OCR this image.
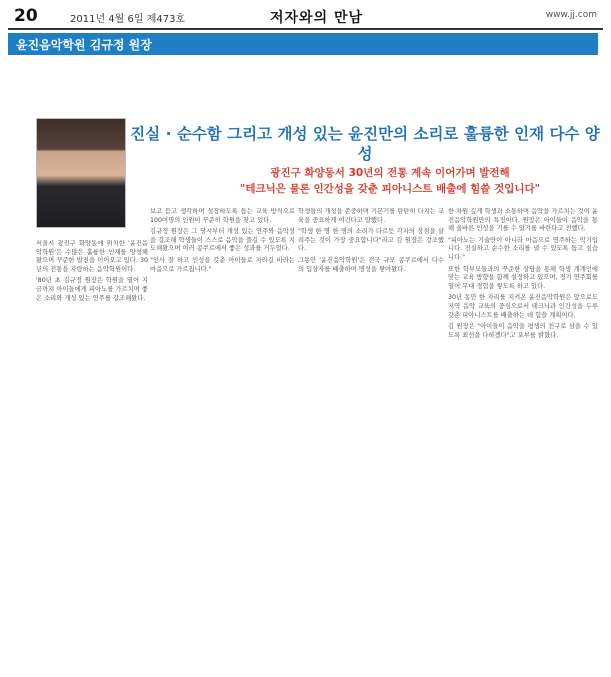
20	2011년 4월 6일 제473호	저자와의 만남	www.jj.com
윤진음악학원 김규정 원장
진실 · 순수함 그리고 개성 있는 윤진만의 소리로 훌륭한 인재 다수 양성
광진구 화양동서 30년의 전통 계속 이어가며 발전해
"테크닉은 물론 인간성을 갖춘 피아니스트 배출에 힘쓸 것입니다"

서울시 광진구 화양동에 위치한 '윤진음악학원'은 수많은 훌륭한 인재를 양성해 왔으며 꾸준한 발전을 이어오고 있다. 30년의 전통을 자랑하는 음악학원이다.

'80년 초 김규정 원장은 학원을 열어 지금까지 아이들에게 피아노를 가르치며 좋은 소리와 개성 있는 연주를 강조해왔다.

보고 듣고 생각하며 성장하도록 돕는 교육 방식으로 100여명의 인원이 꾸준히 학원을 찾고 있다.

김규정 원장은 그 당시부터 개성 있는 연주와 음악성을 강조해 학생들이 스스로 음악을 즐길 수 있도록 지도해왔으며 여러 콩쿠르에서 좋은 성과를 거두었다.

"인사 잘 하고 인성을 갖춘 아이들로 자라길 바라는 마음으로 가르칩니다."

학생들의 개성을 존중하며 기본기를 탄탄히 다지는 교육을 중요하게 여긴다고 말했다.

"학생 한 명 한 명의 소리가 다르듯 각자의 장점을 살려주는 것이 가장 중요합니다"라고 김 원장은 강조했다.

그동안 '윤진음악학원'은 전국 규모 콩쿠르에서 다수의 입상자를 배출하며 명성을 쌓아왔다.

한 차원 깊게 학생과 소통하며 음악을 가르치는 것이 윤진음악학원만의 특징이다. 원장은 아이들이 음악을 통해 올바른 인성을 기를 수 있기를 바란다고 전했다.

"피아노는 기술만이 아니라 마음으로 연주하는 악기입니다. 진실하고 순수한 소리를 낼 수 있도록 돕고 싶습니다."

또한 학부모들과의 꾸준한 상담을 통해 학생 개개인에 맞는 교육 방향을 함께 설정하고 있으며, 정기 연주회를 열어 무대 경험을 쌓도록 하고 있다.

30년 동안 한 자리를 지켜온 윤진음악학원은 앞으로도 지역 음악 교육의 중심으로서 테크닉과 인간성을 두루 갖춘 피아니스트를 배출하는 데 힘쓸 계획이다.

김 원장은 "아이들이 음악을 평생의 친구로 삼을 수 있도록 최선을 다하겠다"고 포부를 밝혔다.
